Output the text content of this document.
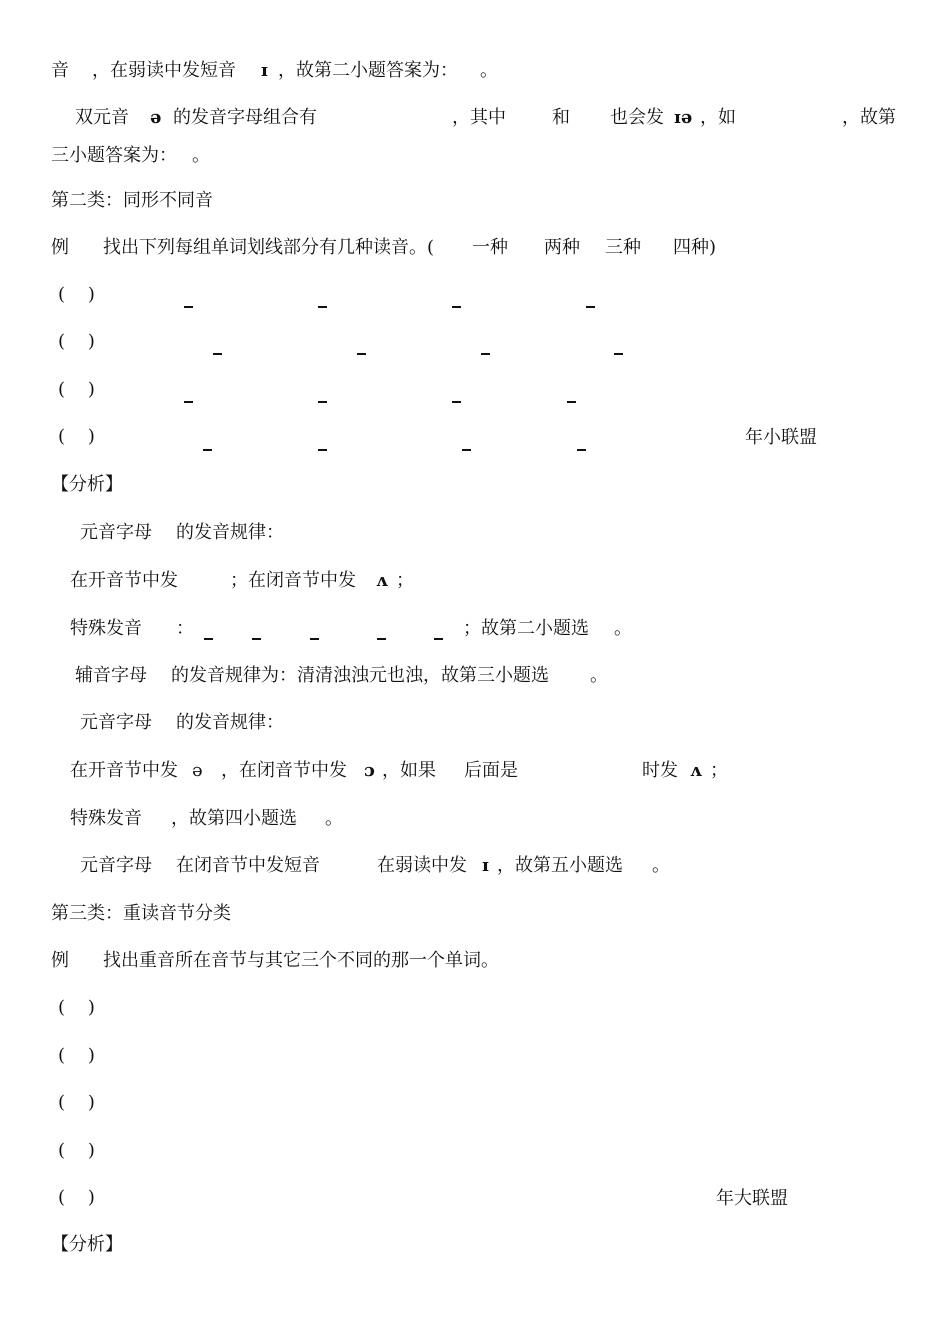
音 ，在弱读中发短音 ɪ ，故第二小题答案为： 。
双元音 ə 的发音字母组合有	，其中	和 也会发 ɪə ，如	，故第
三小题答案为： 。
第二类：同形不同音
例 找出下列每组单词划线部分有几种读音。( 一种 两种 三种 四种)
(    )
(    )
(    )
(    )	年小联盟
【分析】
元音字母 的发音规律：
在开音节中发	；在闭音节中发 ʌ ；
特殊发音 ：	；故第二小题选 。
辅音字母 的发音规律为：清清浊浊元也浊，故第三小题选 。
元音字母 的发音规律：
在开音节中发 ə ，在闭音节中发 ɔ ，如果 后面是	时发 ʌ ；
特殊发音 ，故第四小题选 。
元音字母 在闭音节中发短音	在弱读中发 ɪ ，故第五小题选 。
第三类：重读音节分类
例 找出重音所在音节与其它三个不同的那一个单词。
(    )
(    )
(    )
(    )
(    )	年大联盟
【分析】
